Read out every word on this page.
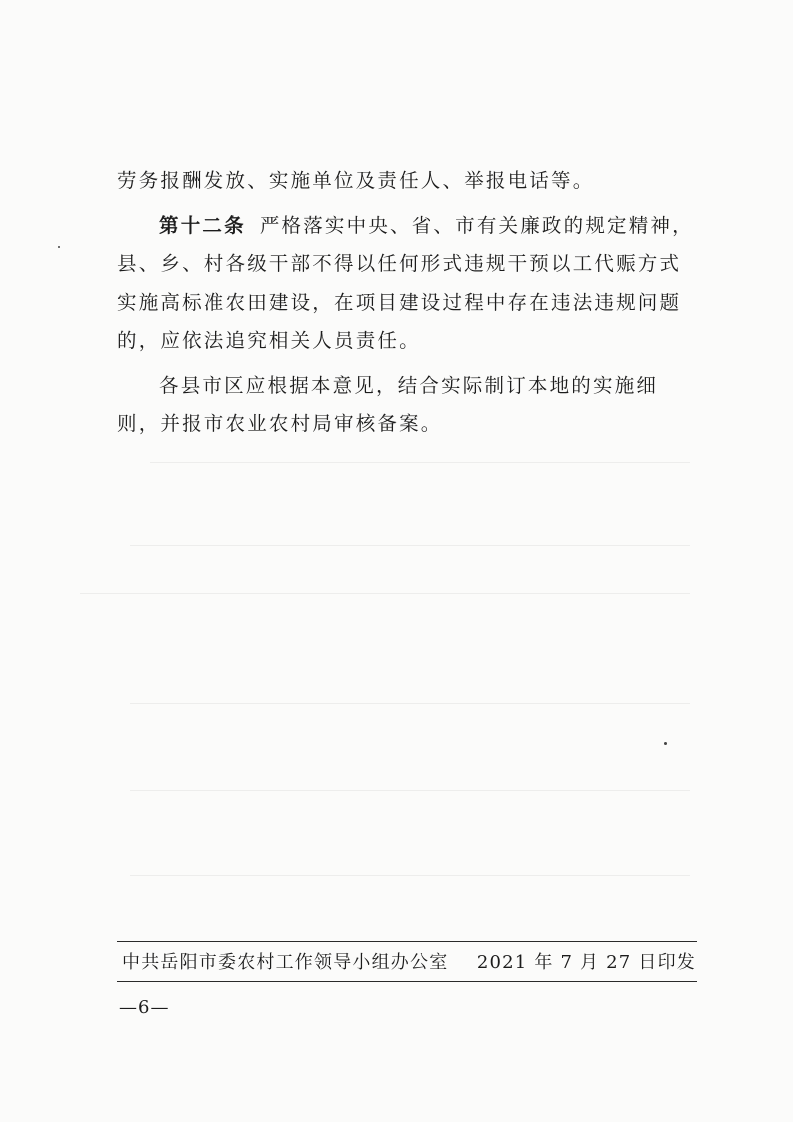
劳务报酬发放、实施单位及责任人、举报电话等。

第十二条 严格落实中央、省、市有关廉政的规定精神，县、乡、村各级干部不得以任何形式违规干预以工代赈方式实施高标准农田建设，在项目建设过程中存在违法违规问题的，应依法追究相关人员责任。

各县市区应根据本意见，结合实际制订本地的实施细则，并报市农业农村局审核备案。

中共岳阳市委农村工作领导小组办公室 2021 年 7 月 27 日印发
—6—
